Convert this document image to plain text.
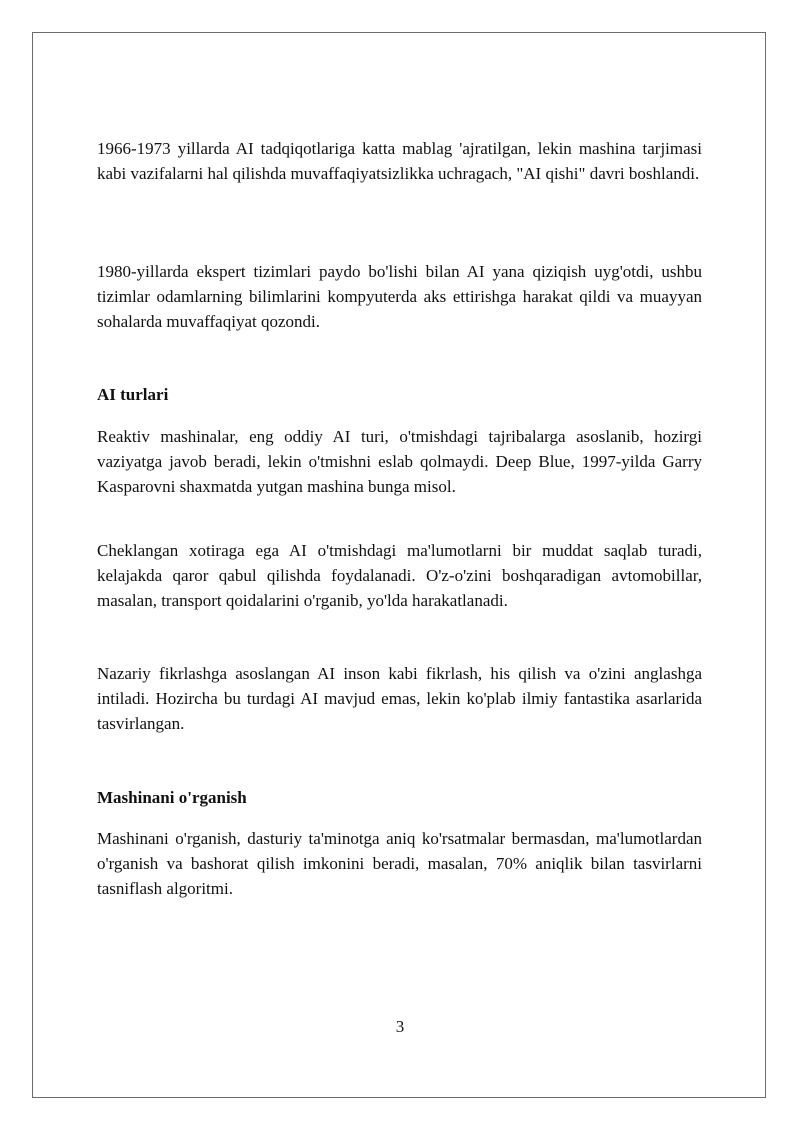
1966-1973 yillarda AI tadqiqotlariga katta mablag 'ajratilgan, lekin mashina tarjimasi kabi vazifalarni hal qilishda muvaffaqiyatsizlikka uchragach, "AI qishi" davri boshlandi.

1980-yillarda ekspert tizimlari paydo bo'lishi bilan AI yana qiziqish uyg'otdi, ushbu tizimlar odamlarning bilimlarini kompyuterda aks ettirishga harakat qildi va muayyan sohalarda muvaffaqiyat qozondi.

AI turlari

Reaktiv mashinalar, eng oddiy AI turi, o'tmishdagi tajribalarga asoslanib, hozirgi vaziyatga javob beradi, lekin o'tmishni eslab qolmaydi. Deep Blue, 1997-yilda Garry Kasparovni shaxmatda yutgan mashina bunga misol.

Cheklangan xotiraga ega AI o'tmishdagi ma'lumotlarni bir muddat saqlab turadi, kelajakda qaror qabul qilishda foydalanadi. O'z-o'zini boshqaradigan avtomobillar, masalan, transport qoidalarini o'rganib, yo'lda harakatlanadi.

Nazariy fikrlashga asoslangan AI inson kabi fikrlash, his qilish va o'zini anglashga intiladi. Hozircha bu turdagi AI mavjud emas, lekin ko'plab ilmiy fantastika asarlarida tasvirlangan.

Mashinani o'rganish

Mashinani o'rganish, dasturiy ta'minotga aniq ko'rsatmalar bermasdan, ma'lumotlardan o'rganish va bashorat qilish imkonini beradi, masalan, 70% aniqlik bilan tasvirlarni tasniflash algoritmi.

3
